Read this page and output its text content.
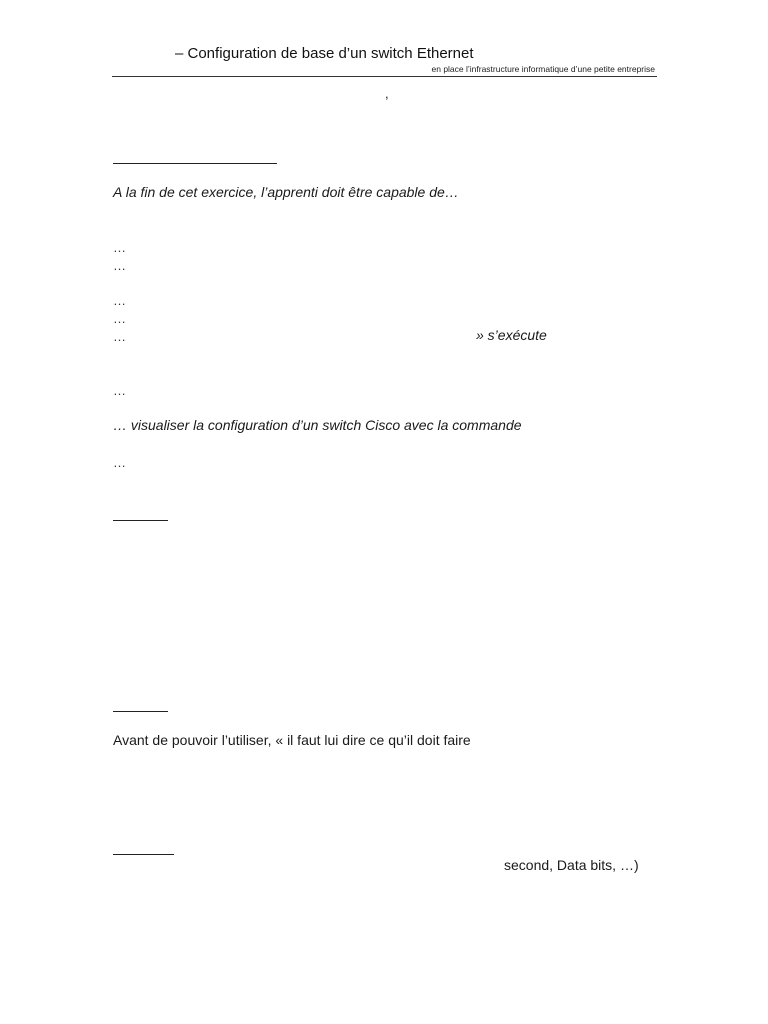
– Configuration de base d’un switch Ethernet
en place l’infrastructure informatique d’une petite entreprise
,
A la fin de cet exercice, l’apprenti doit être capable de…
…
…
…
…
…	» s’exécute
…
… visualiser la configuration d’un switch Cisco avec la commande
…
Avant de pouvoir l’utiliser, « il faut lui dire ce qu’il doit faire
second, Data bits, …)
